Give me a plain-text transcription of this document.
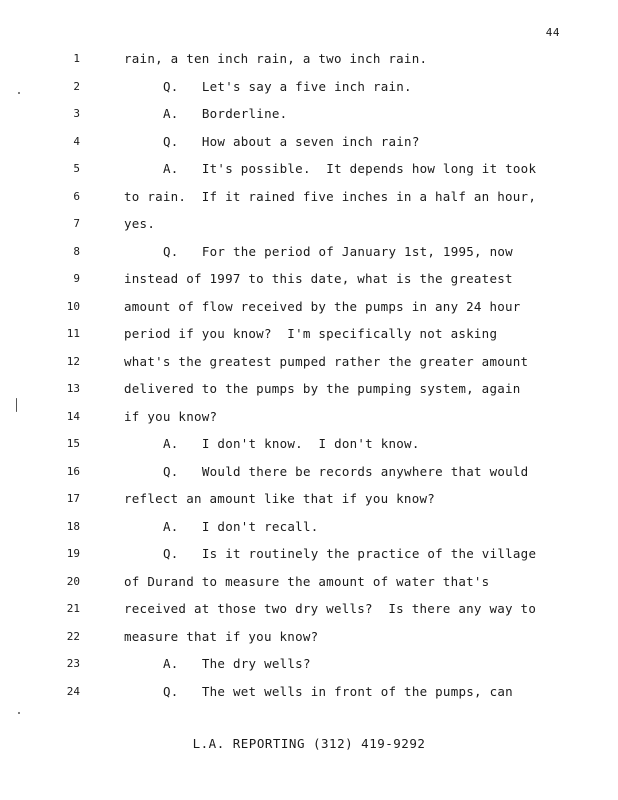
44
1	rain, a ten inch rain, a two inch rain.
2	Q.   Let's say a five inch rain.
3	A.   Borderline.
4	Q.   How about a seven inch rain?
5	A.   It's possible.  It depends how long it took
6	to rain.  If it rained five inches in a half an hour,
7	yes.
8	Q.   For the period of January 1st, 1995, now
9	instead of 1997 to this date, what is the greatest
10	amount of flow received by the pumps in any 24 hour
11	period if you know?  I'm specifically not asking
12	what's the greatest pumped rather the greater amount
13	delivered to the pumps by the pumping system, again
14	if you know?
15	A.   I don't know.  I don't know.
16	Q.   Would there be records anywhere that would
17	reflect an amount like that if you know?
18	A.   I don't recall.
19	Q.   Is it routinely the practice of the village
20	of Durand to measure the amount of water that's
21	received at those two dry wells?  Is there any way to
22	measure that if you know?
23	A.   The dry wells?
24	Q.   The wet wells in front of the pumps, can
L.A. REPORTING (312) 419-9292
